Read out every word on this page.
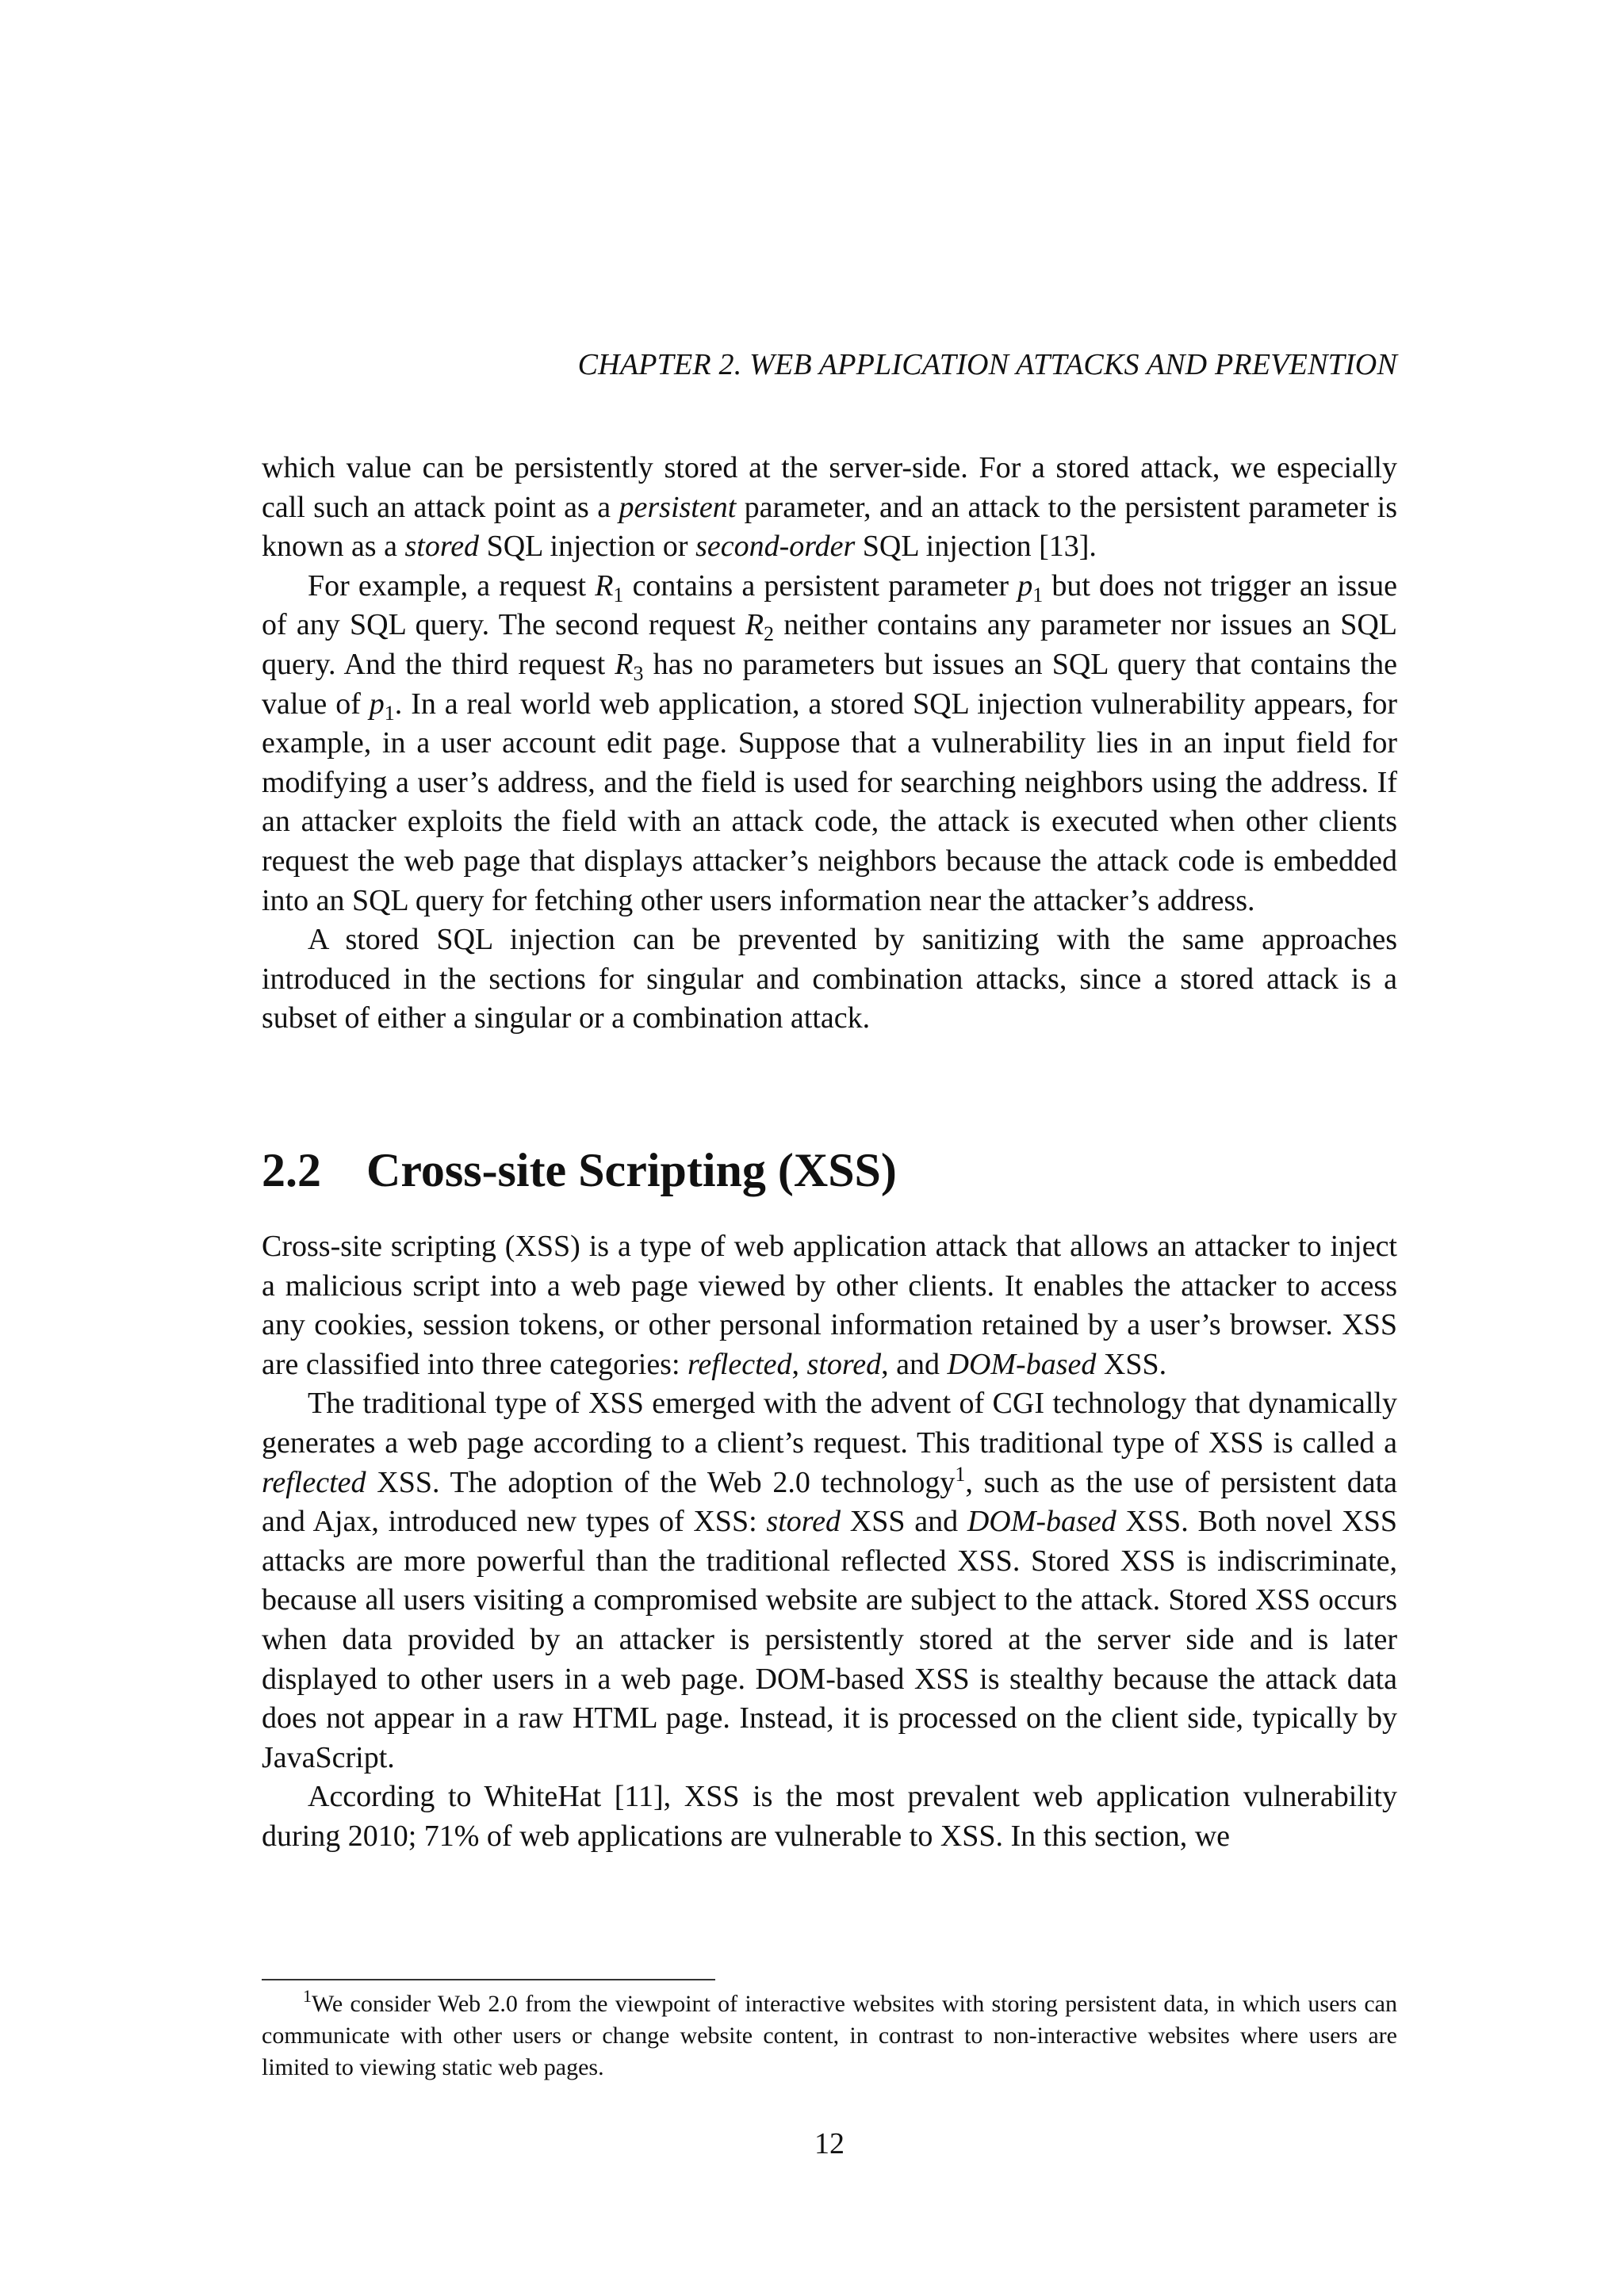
CHAPTER 2. WEB APPLICATION ATTACKS AND PREVENTION

which value can be persistently stored at the server-side. For a stored attack, we especially call such an attack point as a persistent parameter, and an attack to the persistent parameter is known as a stored SQL injection or second-order SQL injection [13].

For example, a request $R_1$ contains a persistent parameter $p_1$ but does not trigger an issue of any SQL query. The second request $R_2$ neither contains any parameter nor issues an SQL query. And the third request $R_3$ has no parameters but issues an SQL query that contains the value of $p_1$. In a real world web application, a stored SQL injection vulnerability appears, for example, in a user account edit page. Suppose that a vulnerability lies in an input field for modifying a user’s address, and the field is used for searching neighbors using the address. If an attacker exploits the field with an attack code, the attack is executed when other clients request the web page that displays attacker’s neighbors because the attack code is embedded into an SQL query for fetching other users information near the attacker’s address.

A stored SQL injection can be prevented by sanitizing with the same approaches introduced in the sections for singular and combination attacks, since a stored attack is a subset of either a singular or a combination attack.

2.2 Cross-site Scripting (XSS)

Cross-site scripting (XSS) is a type of web application attack that allows an attacker to inject a malicious script into a web page viewed by other clients. It enables the attacker to access any cookies, session tokens, or other personal information retained by a user’s browser. XSS are classified into three categories: reflected, stored, and DOM-based XSS.

The traditional type of XSS emerged with the advent of CGI technology that dynamically generates a web page according to a client’s request. This traditional type of XSS is called a reflected XSS. The adoption of the Web 2.0 technology$^1$, such as the use of persistent data and Ajax, introduced new types of XSS: stored XSS and DOM-based XSS. Both novel XSS attacks are more powerful than the traditional reflected XSS. Stored XSS is indiscriminate, because all users visiting a compromised website are subject to the attack. Stored XSS occurs when data provided by an attacker is persistently stored at the server side and is later displayed to other users in a web page. DOM-based XSS is stealthy because the attack data does not appear in a raw HTML page. Instead, it is processed on the client side, typically by JavaScript.

According to WhiteHat [11], XSS is the most prevalent web application vulnerability during 2010; 71% of web applications are vulnerable to XSS. In this section, we

$^1$We consider Web 2.0 from the viewpoint of interactive websites with storing persistent data, in which users can communicate with other users or change website content, in contrast to non-interactive websites where users are limited to viewing static web pages.

12
